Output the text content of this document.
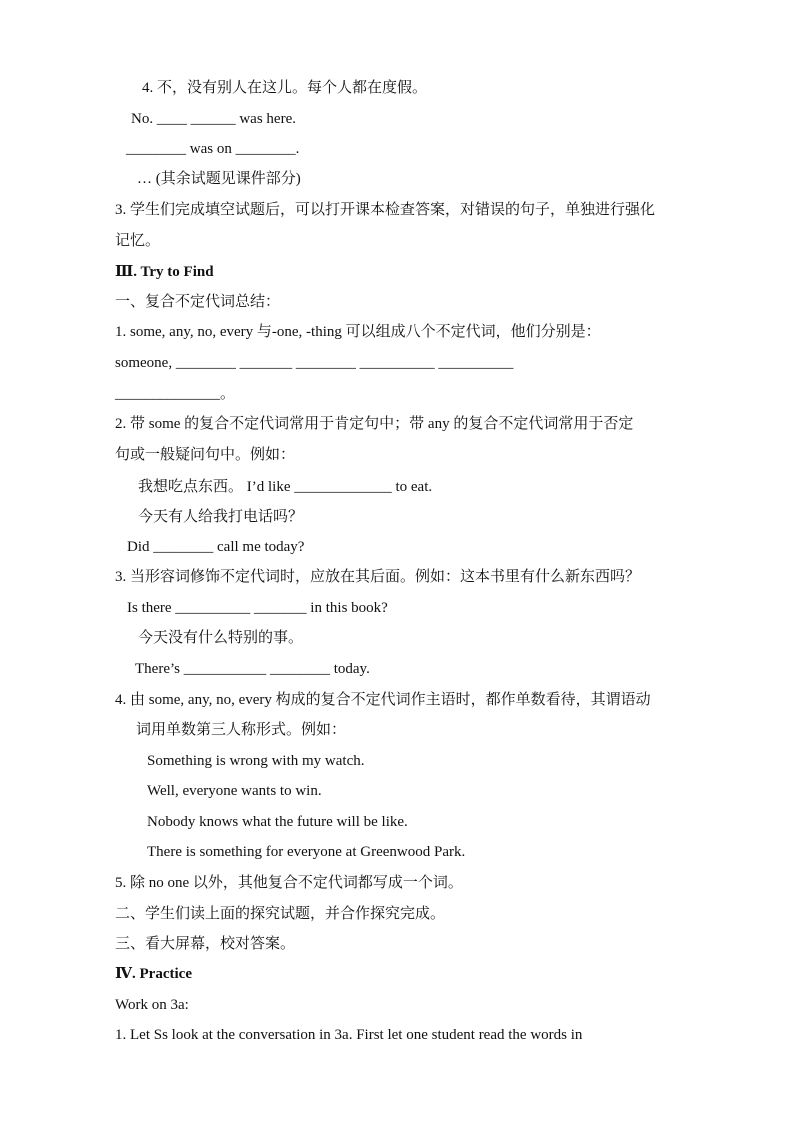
4. 不，没有别人在这儿。每个人都在度假。
No. ____ ______ was here.
________ was on ________.
… (其余试题见课件部分)
3. 学生们完成填空试题后，可以打开课本检查答案，对错误的句子，单独进行强化
记忆。
Ⅲ. Try to Find
一、复合不定代词总结：
1. some, any, no, every 与-one, -thing 可以组成八个不定代词，他们分别是：
someone, ________ _______ ________ __________ __________
______________。
2. 带 some 的复合不定代词常用于肯定句中；带 any 的复合不定代词常用于否定
句或一般疑问句中。例如：
我想吃点东西。 I’d like _____________ to eat.
今天有人给我打电话吗？
Did ________ call me today?
3. 当形容词修饰不定代词时，应放在其后面。例如：这本书里有什么新东西吗？
Is there __________ _______ in this book?
今天没有什么特别的事。
There’s ___________ ________ today.
4. 由 some, any, no, every 构成的复合不定代词作主语时，都作单数看待，其谓语动
词用单数第三人称形式。例如：
Something is wrong with my watch.
Well, everyone wants to win.
Nobody knows what the future will be like.
There is something for everyone at Greenwood Park.
5. 除 no one 以外，其他复合不定代词都写成一个词。
二、学生们读上面的探究试题，并合作探究完成。
三、看大屏幕，校对答案。
Ⅳ. Practice
Work on 3a:
1. Let Ss look at the conversation in 3a. First let one student read the words in
